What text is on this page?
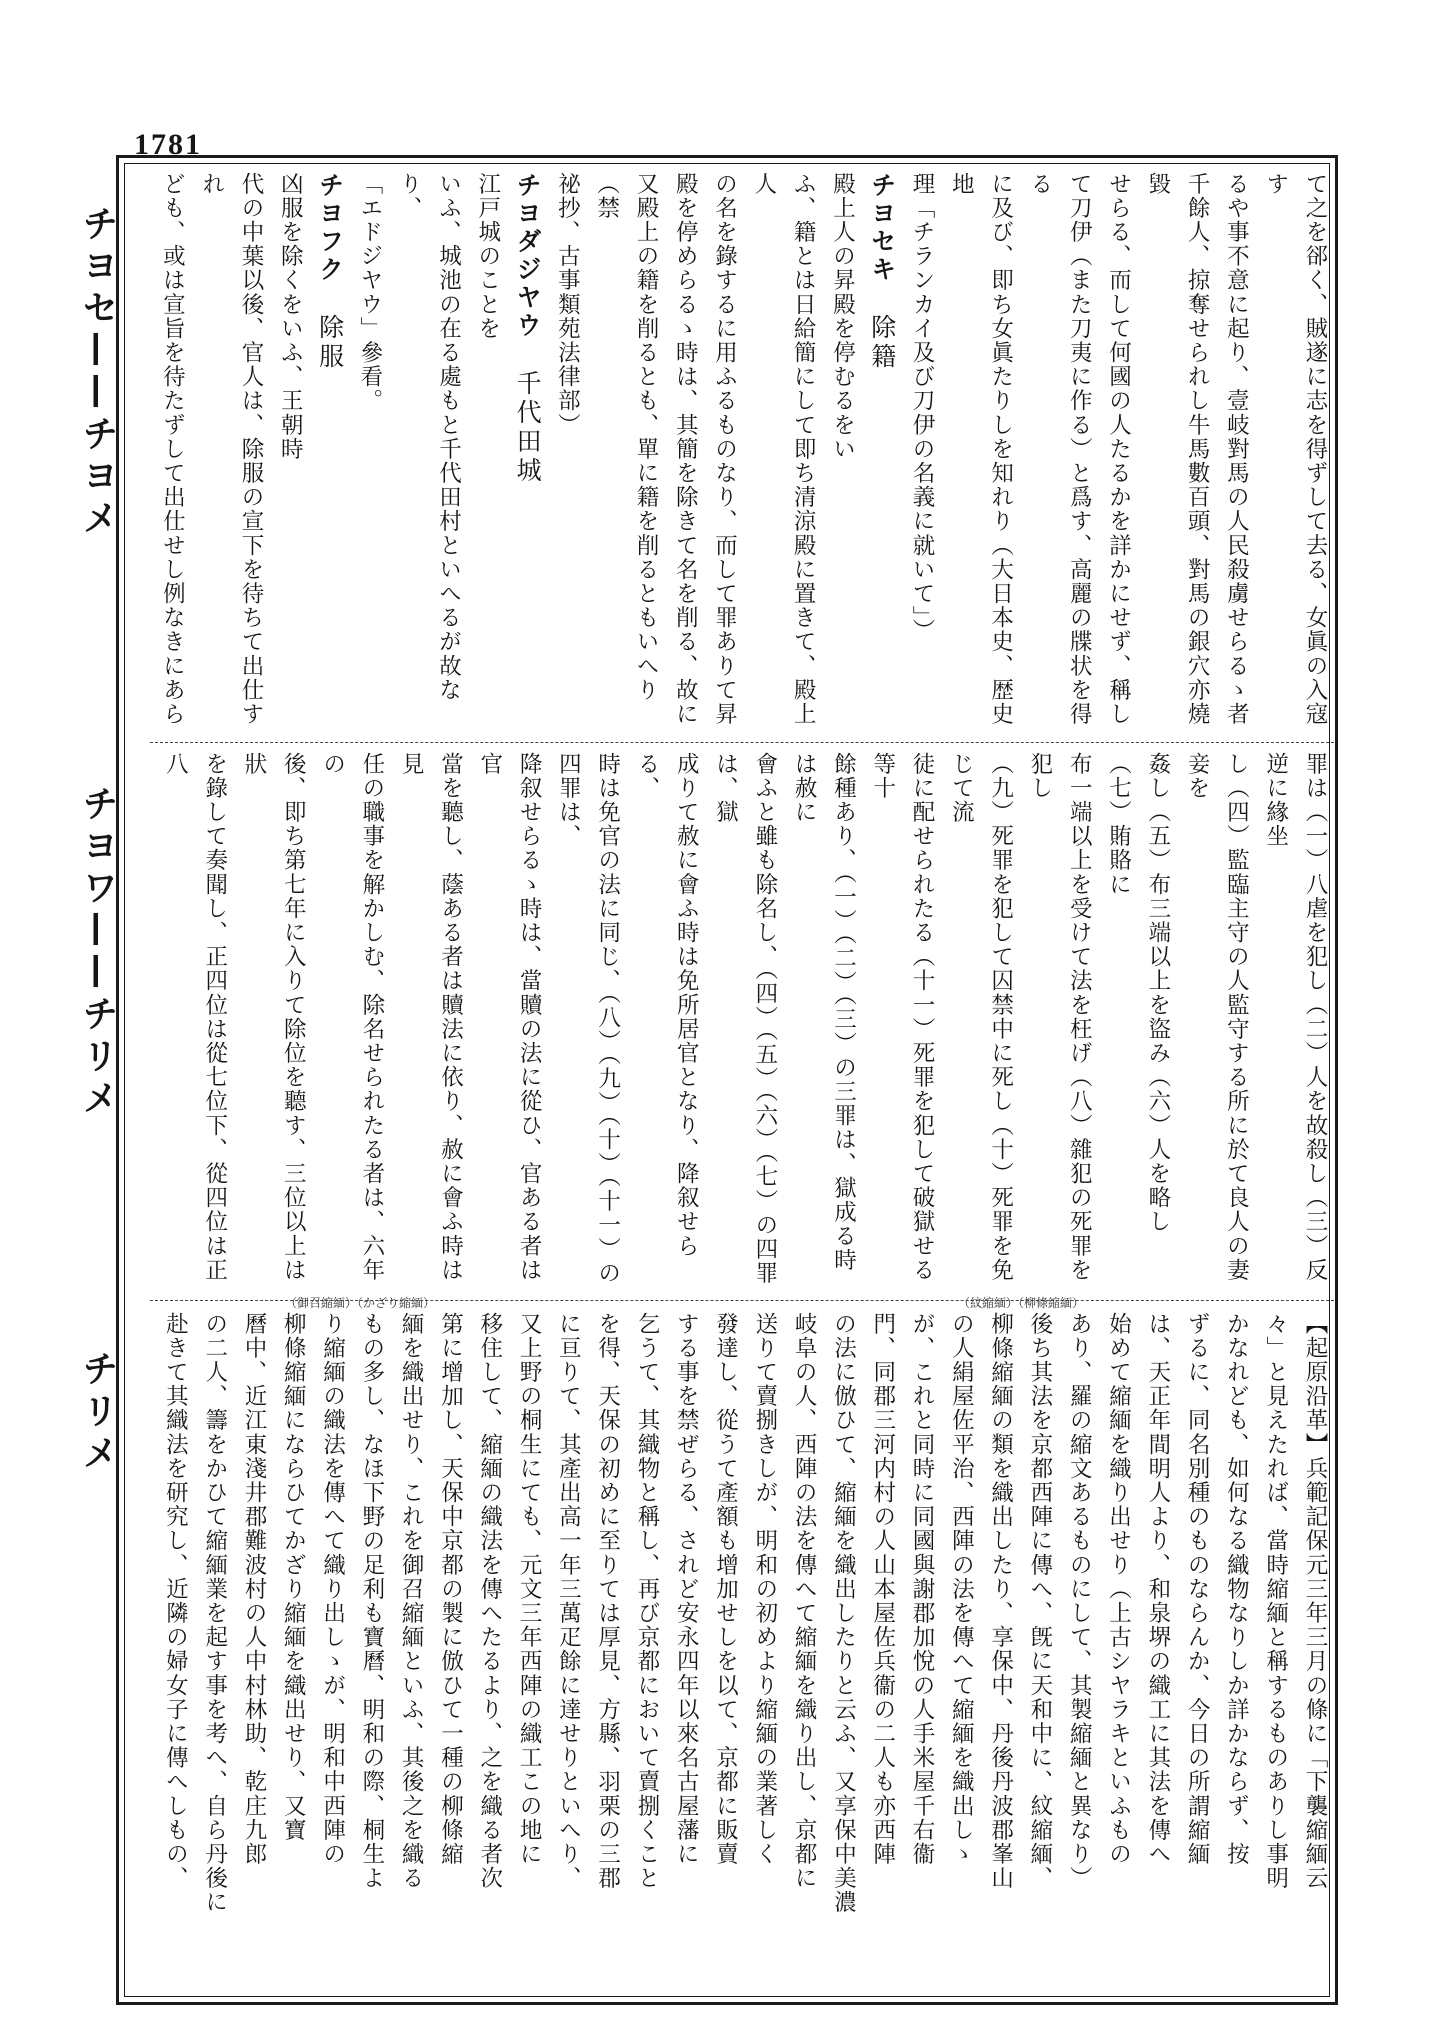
1781
チヨセ——チヨメ
チヨワ——チリメ
チリメ
て之を郤く、賊遂に志を得ずして去る、女眞の入寇す
るや事不意に起り、壹岐對馬の人民殺虜せらるゝ者
千餘人、掠奪せられし牛馬數百頭、對馬の銀穴亦燒毀
せらる、而して何國の人たるかを詳かにせず、稱し
て刀伊（また刀夷に作る）と爲す、高麗の牒状を得る
に及び、即ち女眞たりしを知れり（大日本史、歴史地
理「チランカイ及び刀伊の名義に就いて」）
チヨセキ除籍
殿上人の昇殿を停むるをい
ふ、籍とは日給簡にして即ち清涼殿に置きて、殿上人
の名を錄するに用ふるものなり、而して罪ありて昇
殿を停めらるゝ時は、其簡を除きて名を削る、故に
又殿上の籍を削るとも、單に籍を削るともいへり（禁
祕抄、古事類苑法律部）
チヨダジヤウ千代田城
江戸城のことを
いふ、城池の在る處もと千代田村といへるが故なり、
「エドジヤウ」參看。
チヨフク除服
凶服を除くをいふ、王朝時
代の中葉以後、官人は、除服の宣下を待ちて出仕すれ
ども、或は宣旨を待たずして出仕せし例なきにあら
罪は（一）八虐を犯し（二）人を故殺し（三）反逆に緣坐
し（四）監臨主守の人監守する所に於て良人の妻妾を
姦し（五）布三端以上を盜み（六）人を略し（七）賄賂に
布一端以上を受けて法を枉げ（八）雜犯の死罪を犯し
（九）死罪を犯して囚禁中に死し（十）死罪を免じて流
徒に配せられたる（十一）死罪を犯して破獄せる等十
餘種あり、（一）（二）（三）の三罪は、獄成る時は赦に
會ふと雖も除名し、（四）（五）（六）（七）の四罪は、獄
成りて赦に會ふ時は免所居官となり、降叙せらる、
時は免官の法に同じ、（八）（九）（十）（十一）の四罪は、
降叙せらるゝ時は、當贖の法に從ひ、官ある者は官
當を聽し、蔭ある者は贖法に依り、赦に會ふ時は見
任の職事を解かしむ、除名せられたる者は、六年の
後、即ち第七年に入りて除位を聽す、三位以上は狀
を錄して奏聞し、正四位は從七位下、從四位は正八
【起原沿革】兵範記保元三年三月の條に「下襲縮緬云
々」と見えたれば、當時縮緬と稱するものありし事明
かなれども、如何なる織物なりしか詳かならず、按
ずるに、同名別種のものならんか、今日の所謂縮緬
は、天正年間明人より、和泉堺の織工に其法を傳へ
始めて縮緬を織り出せり（上古シヤラキといふもの
あり、羅の縮文あるものにして、其製縮緬と異なり）
後ち其法を京都西陣に傳へ、旣に天和中に、紋縮緬、
柳條縮緬の類を織出したり、享保中、丹後丹波郡峯山
の人絹屋佐平治、西陣の法を傳へて縮緬を織出しゝ
が、これと同時に同國與謝郡加悅の人手米屋千右衞
門、同郡三河内村の人山本屋佐兵衞の二人も亦西陣
の法に倣ひて、縮緬を織出したりと云ふ、又享保中美濃
岐阜の人、西陣の法を傳へて縮緬を織り出し、京都に
送りて賣捌きしが、明和の初めより縮緬の業著しく
發達し、從うて產額も增加せしを以て、京都に販賣
する事を禁ぜらる、されど安永四年以來名古屋藩に
乞うて、其織物と稱し、再び京都において賣捌くこと
を得、天保の初めに至りては厚見、方縣、羽栗の三郡
に亘りて、其產出高一年三萬疋餘に達せりといへり、
又上野の桐生にても、元文三年西陣の織工この地に
移住して、縮緬の織法を傳へたるより、之を織る者次
第に增加し、天保中京都の製に倣ひて一種の柳條縮
緬を織出せり、これを御召縮緬といふ、其後之を織る
もの多し、なほ下野の足利も寶曆、明和の際、桐生よ
り縮緬の織法を傳へて織り出しゝが、明和中西陣の
柳條縮緬にならひてかざり縮緬を織出せり、又寶
曆中、近江東淺井郡難波村の人中村林助、乾庄九郎
の二人、籌をかひて縮緬業を起す事を考へ、自ら丹後に
赴きて其織法を研究し、近隣の婦女子に傳へしもの、
（紋縮緬）（柳條縮緬）
（御召縮緬）（かざり縮緬）
